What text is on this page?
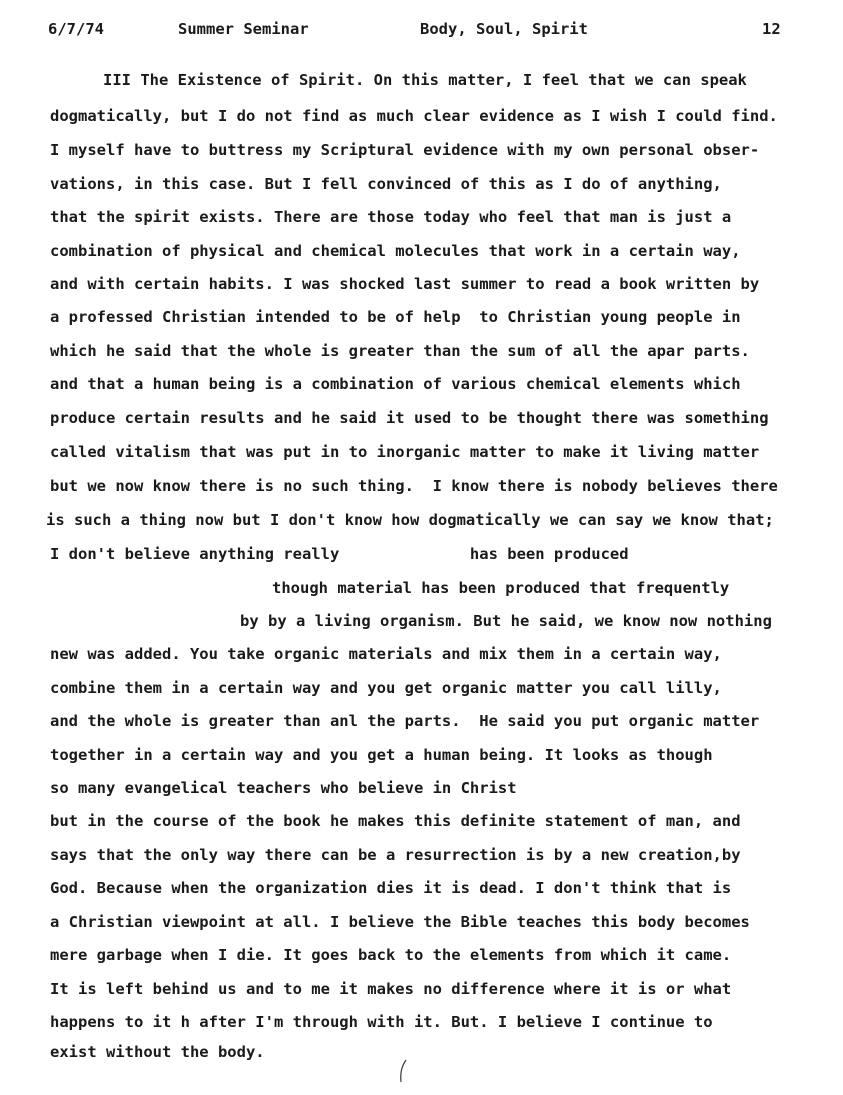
6/7/74	Summer Seminar	Body, Soul, Spirit	12
III The Existence of Spirit. On this matter, I feel that we can speak
dogmatically, but I do not find as much clear evidence as I wish I could find.
I myself have to buttress my Scriptural evidence with my own personal obser-
vations, in this case. But I fell convinced of this as I do of anything,
that the spirit exists. There are those today who feel that man is just a
combination of physical and chemical molecules that work in a certain way,
and with certain habits. I was shocked last summer to read a book written by
a professed Christian intended to be of help  to Christian young people in
which he said that the whole is greater than the sum of all the apar parts.
and that a human being is a combination of various chemical elements which
produce certain results and he said it used to be thought there was something
called vitalism that was put in to inorganic matter to make it living matter
but we now know there is no such thing.  I know there is nobody believes there
is such a thing now but I don't know how dogmatically we can say we know that;
I don't believe anything really              has been produced
though material has been produced that frequently
by by a living organism. But he said, we know now nothing
new was added. You take organic materials and mix them in a certain way,
combine them in a certain way and you get organic matter you call lilly,
and the whole is greater than anl the parts.  He said you put organic matter
together in a certain way and you get a human being. It looks as though
so many evangelical teachers who believe in Christ
but in the course of the book he makes this definite statement of man, and
says that the only way there can be a resurrection is by a new creation,by
God. Because when the organization dies it is dead. I don't think that is
a Christian viewpoint at all. I believe the Bible teaches this body becomes
mere garbage when I die. It goes back to the elements from which it came.
It is left behind us and to me it makes no difference where it is or what
happens to it h after I'm through with it. But. I believe I continue to
exist without the body.
